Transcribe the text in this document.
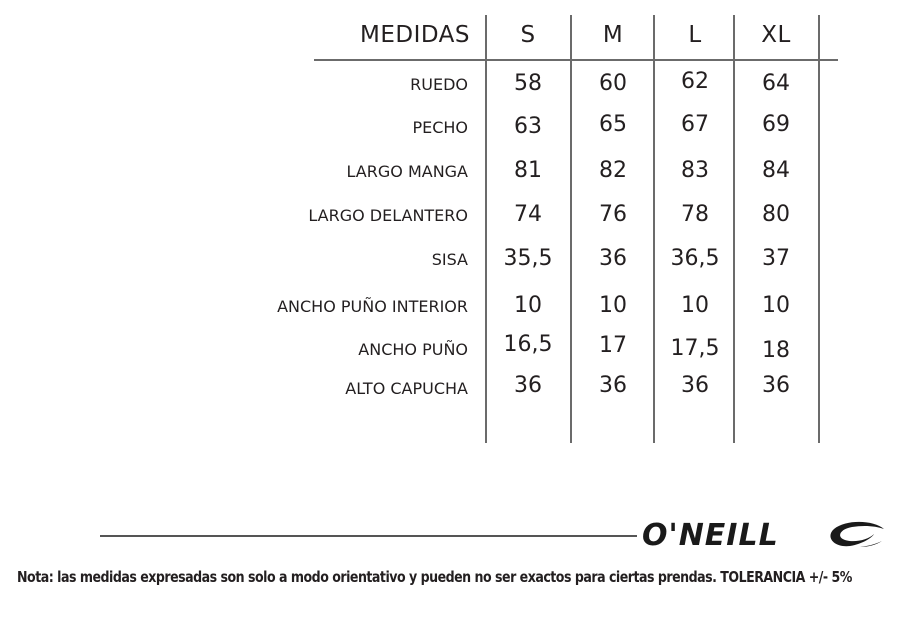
MEDIDAS	S	M	L	XL
RUEDO	58	60	62	64
PECHO	63	65	67	69
LARGO MANGA	81	82	83	84
LARGO DELANTERO	74	76	78	80
SISA	35,5	36	36,5	37
ANCHO PUÑO INTERIOR	10	10	10	10
ANCHO PUÑO	16,5	17	17,5	18
ALTO CAPUCHA	36	36	36	36
O'NEILL
Nota: las medidas expresadas son solo a modo orientativo y pueden no ser exactos para ciertas prendas. TOLERANCIA +/- 5%
